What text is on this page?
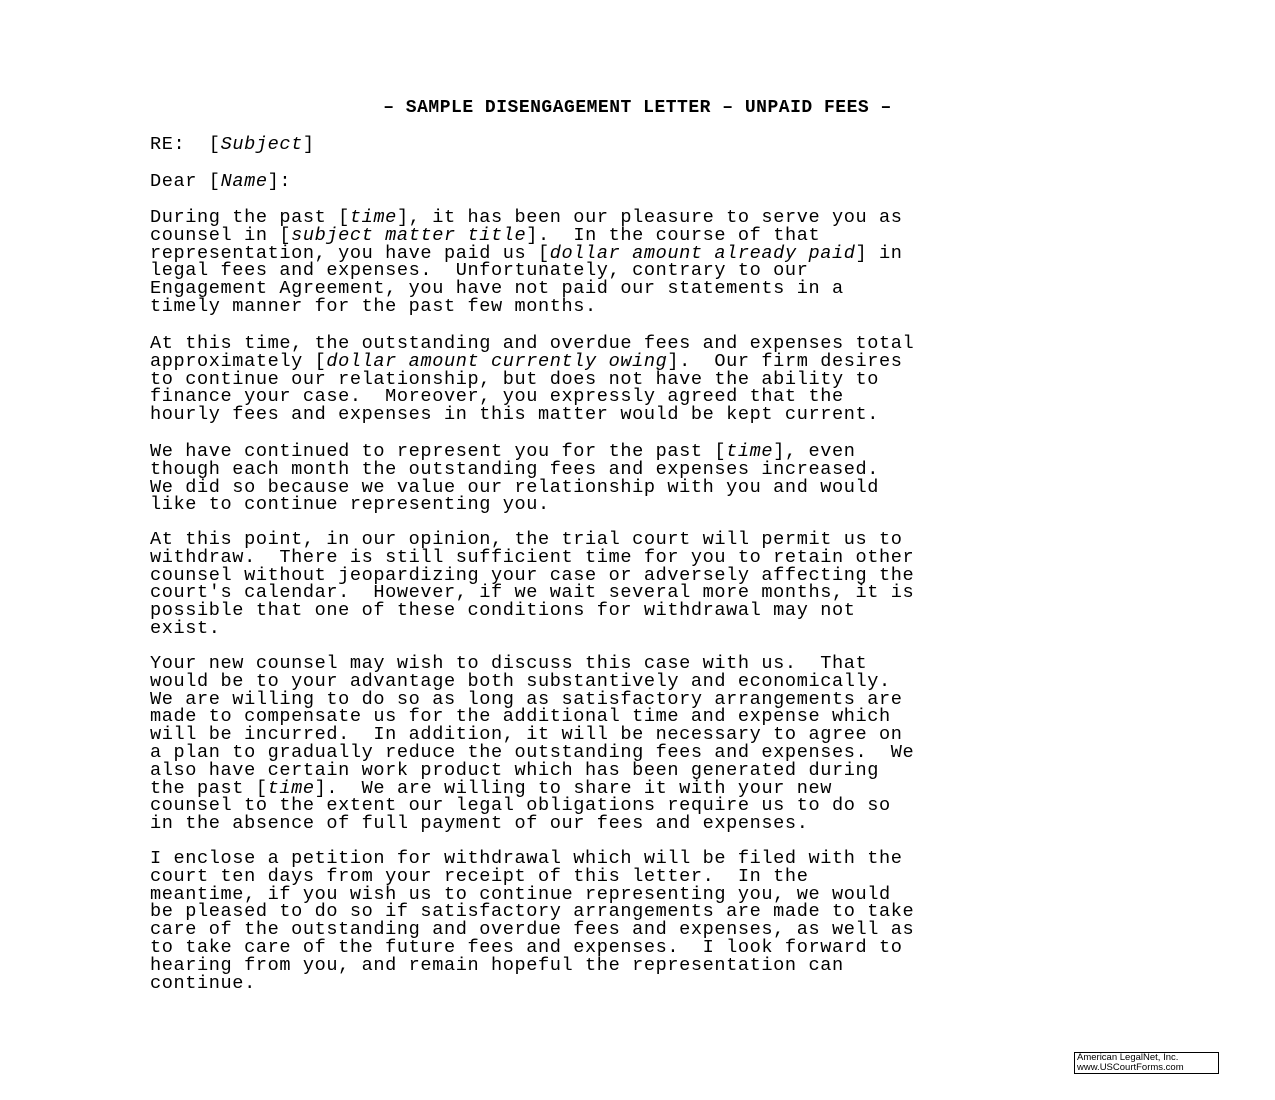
– SAMPLE DISENGAGEMENT LETTER – UNPAID FEES –
RE:  [Subject]
Dear [Name]:
During the past [time], it has been our pleasure to serve you as
counsel in [subject matter title].  In the course of that
representation, you have paid us [dollar amount already paid] in
legal fees and expenses.  Unfortunately, contrary to our
Engagement Agreement, you have not paid our statements in a
timely manner for the past few months.
At this time, the outstanding and overdue fees and expenses total
approximately [dollar amount currently owing].  Our firm desires
to continue our relationship, but does not have the ability to
finance your case.  Moreover, you expressly agreed that the
hourly fees and expenses in this matter would be kept current.
We have continued to represent you for the past [time], even
though each month the outstanding fees and expenses increased.
We did so because we value our relationship with you and would
like to continue representing you.
At this point, in our opinion, the trial court will permit us to
withdraw.  There is still sufficient time for you to retain other
counsel without jeopardizing your case or adversely affecting the
court's calendar.  However, if we wait several more months, it is
possible that one of these conditions for withdrawal may not
exist.
Your new counsel may wish to discuss this case with us.  That
would be to your advantage both substantively and economically.
We are willing to do so as long as satisfactory arrangements are
made to compensate us for the additional time and expense which
will be incurred.  In addition, it will be necessary to agree on
a plan to gradually reduce the outstanding fees and expenses.  We
also have certain work product which has been generated during
the past [time].  We are willing to share it with your new
counsel to the extent our legal obligations require us to do so
in the absence of full payment of our fees and expenses.
I enclose a petition for withdrawal which will be filed with the
court ten days from your receipt of this letter.  In the
meantime, if you wish us to continue representing you, we would
be pleased to do so if satisfactory arrangements are made to take
care of the outstanding and overdue fees and expenses, as well as
to take care of the future fees and expenses.  I look forward to
hearing from you, and remain hopeful the representation can
continue.
American LegalNet, Inc.
www.USCourtForms.com
